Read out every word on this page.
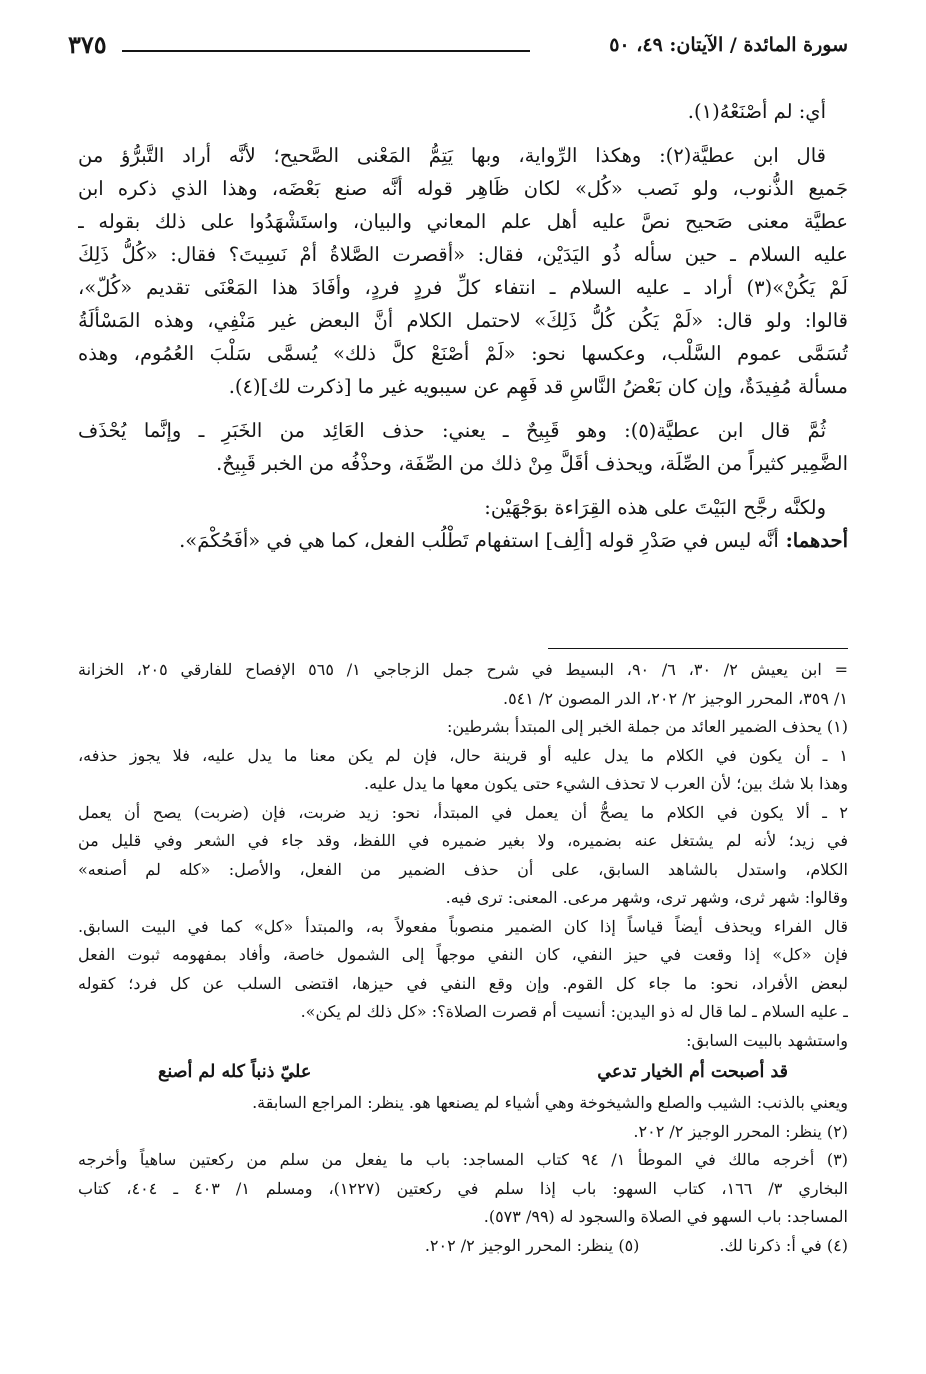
سورة المائدة / الآيتان: ٤٩، ٥٠
٣٧٥
أي: لم أصْنَعْهُ(١).
قال ابن عطيَّة(٢): وهكذا الرِّواية، وبها يَتِمُّ المَعْنى الصَّحيح؛ لأنَّه أراد التَّبرُّؤ من
جَميع الذُّنوب، ولو نَصب «كُل» لكان ظَاهِر قوله أنَّه صنع بَعْضَه، وهذا الذي ذكره ابن
عطيَّة معنى صَحيح نصَّ عليه أهل علم المعاني والبيان، واستَشْهَدُوا على ذلك بقوله ـ
عليه السلام ـ حين سأله ذُو اليَدَيْن، فقال: «أقصرت الصَّلاةُ أمْ نَسِيتَ؟ فقال: «كُلُّ ذَلِكَ
لَمْ يَكُنْ»(٣) أراد ـ عليه السلام ـ انتفاء كلِّ فردٍ فردٍ، وأفَادَ هذا المَعْنَى تقديم «كُلّ»،
قالوا: ولو قال: «لَمْ يَكُن كُلُّ ذَلِكَ» لاحتمل الكلام أنَّ البعض غير مَنْفِي، وهذه المَسْألَةُ
تُسَمَّى عموم السَّلْب، وعكسها نحو: «لَمْ أصْنَعْ كلَّ ذلك» يُسمَّى سَلْبَ العُمُوم، وهذه
مسألة مُفِيدَةٌ، وإن كان بَعْضُ النَّاسِ قد فَهِم عن سيبويه غير ما [ذكرت لك](٤).
ثُمَّ قال ابن عطيَّة(٥): وهو قَبِيحٌ ـ يعني: حذف العَائِد من الخَبَرِ ـ وإنَّما يُحْذَف
الضَّمِير كثيراً من الصِّلَة، ويحذف أقَلَّ مِنْ ذلك من الصِّفَة، وحذْفُه من الخبر قَبِيحٌ.
ولكنَّه رجَّح البَيْتَ على هذه القِرَاءة بوَجْهَيْن:
أحدهما: أنَّه ليس في صَدْرِ قوله [ألِف] استفهام تَطْلُب الفعل، كما هي في «أفَحُكْمَ».
= ابن يعيش ٢/ ٣٠، ٦/ ٩٠، البسيط في شرح جمل الزجاجي ١/ ٥٦٥ الإفصاح للفارقي ٢٠٥، الخزانة
١/ ٣٥٩، المحرر الوجيز ٢/ ٢٠٢، الدر المصون ٢/ ٥٤١.
(١) يحذف الضمير العائد من جملة الخبر إلى المبتدأ بشرطين:
١ ـ أن يكون في الكلام ما يدل عليه أو قرينة حال، فإن لم يكن معنا ما يدل عليه، فلا يجوز حذفه،
وهذا بلا شك بين؛ لأن العرب لا تحذف الشيء حتى يكون معها ما يدل عليه.
٢ ـ ألا يكون في الكلام ما يصحُّ أن يعمل في المبتدأ، نحو: زيد ضربت، فإن (ضربت) يصح أن يعمل
في زيد؛ لأنه لم يشتغل عنه بضميره، ولا بغير ضميره في اللفظ، وقد جاء في الشعر وفي قليل من
الكلام، واستدل بالشاهد السابق، على أن حذف الضمير من الفعل، والأصل: «كله لم أصنعه»
وقالوا: شهر ثرى، وشهر ترى، وشهر مرعى. المعنى: ترى فيه.
قال الفراء ويحذف أيضاً قياساً إذا كان الضمير منصوباً مفعولاً به، والمبتدأ «كل» كما في البيت السابق.
فإن «كل» إذا وقعت في حيز النفي، كان النفي موجهاً إلى الشمول خاصة، وأفاد بمفهومه ثبوت الفعل
لبعض الأفراد، نحو: ما جاء كل القوم. وإن وقع النفي في حيزها، اقتضى السلب عن كل فرد؛ كقوله
ـ عليه السلام ـ لما قال له ذو اليدين: أنسيت أم قصرت الصلاة؟: «كل ذلك لم يكن».
واستشهد بالبيت السابق:
قد أصبحت أم الخيار تدعي
عليّ ذنباً كله لم أصنع
ويعني بالذنب: الشيب والصلع والشيخوخة وهي أشياء لم يصنعها هو. ينظر: المراجع السابقة.
(٢) ينظر: المحرر الوجيز ٢/ ٢٠٢.
(٣) أخرجه مالك في الموطأ ١/ ٩٤ كتاب المساجد: باب ما يفعل من سلم من ركعتين ساهياً وأخرجه
البخاري ٣/ ١٦٦، كتاب السهو: باب إذا سلم في ركعتين (١٢٢٧)، ومسلم ١/ ٤٠٣ ـ ٤٠٤، كتاب
المساجد: باب السهو في الصلاة والسجود له (٩٩/ ٥٧٣).
(٤) في أ: ذكرنا لك.
(٥) ينظر: المحرر الوجيز ٢/ ٢٠٢.
